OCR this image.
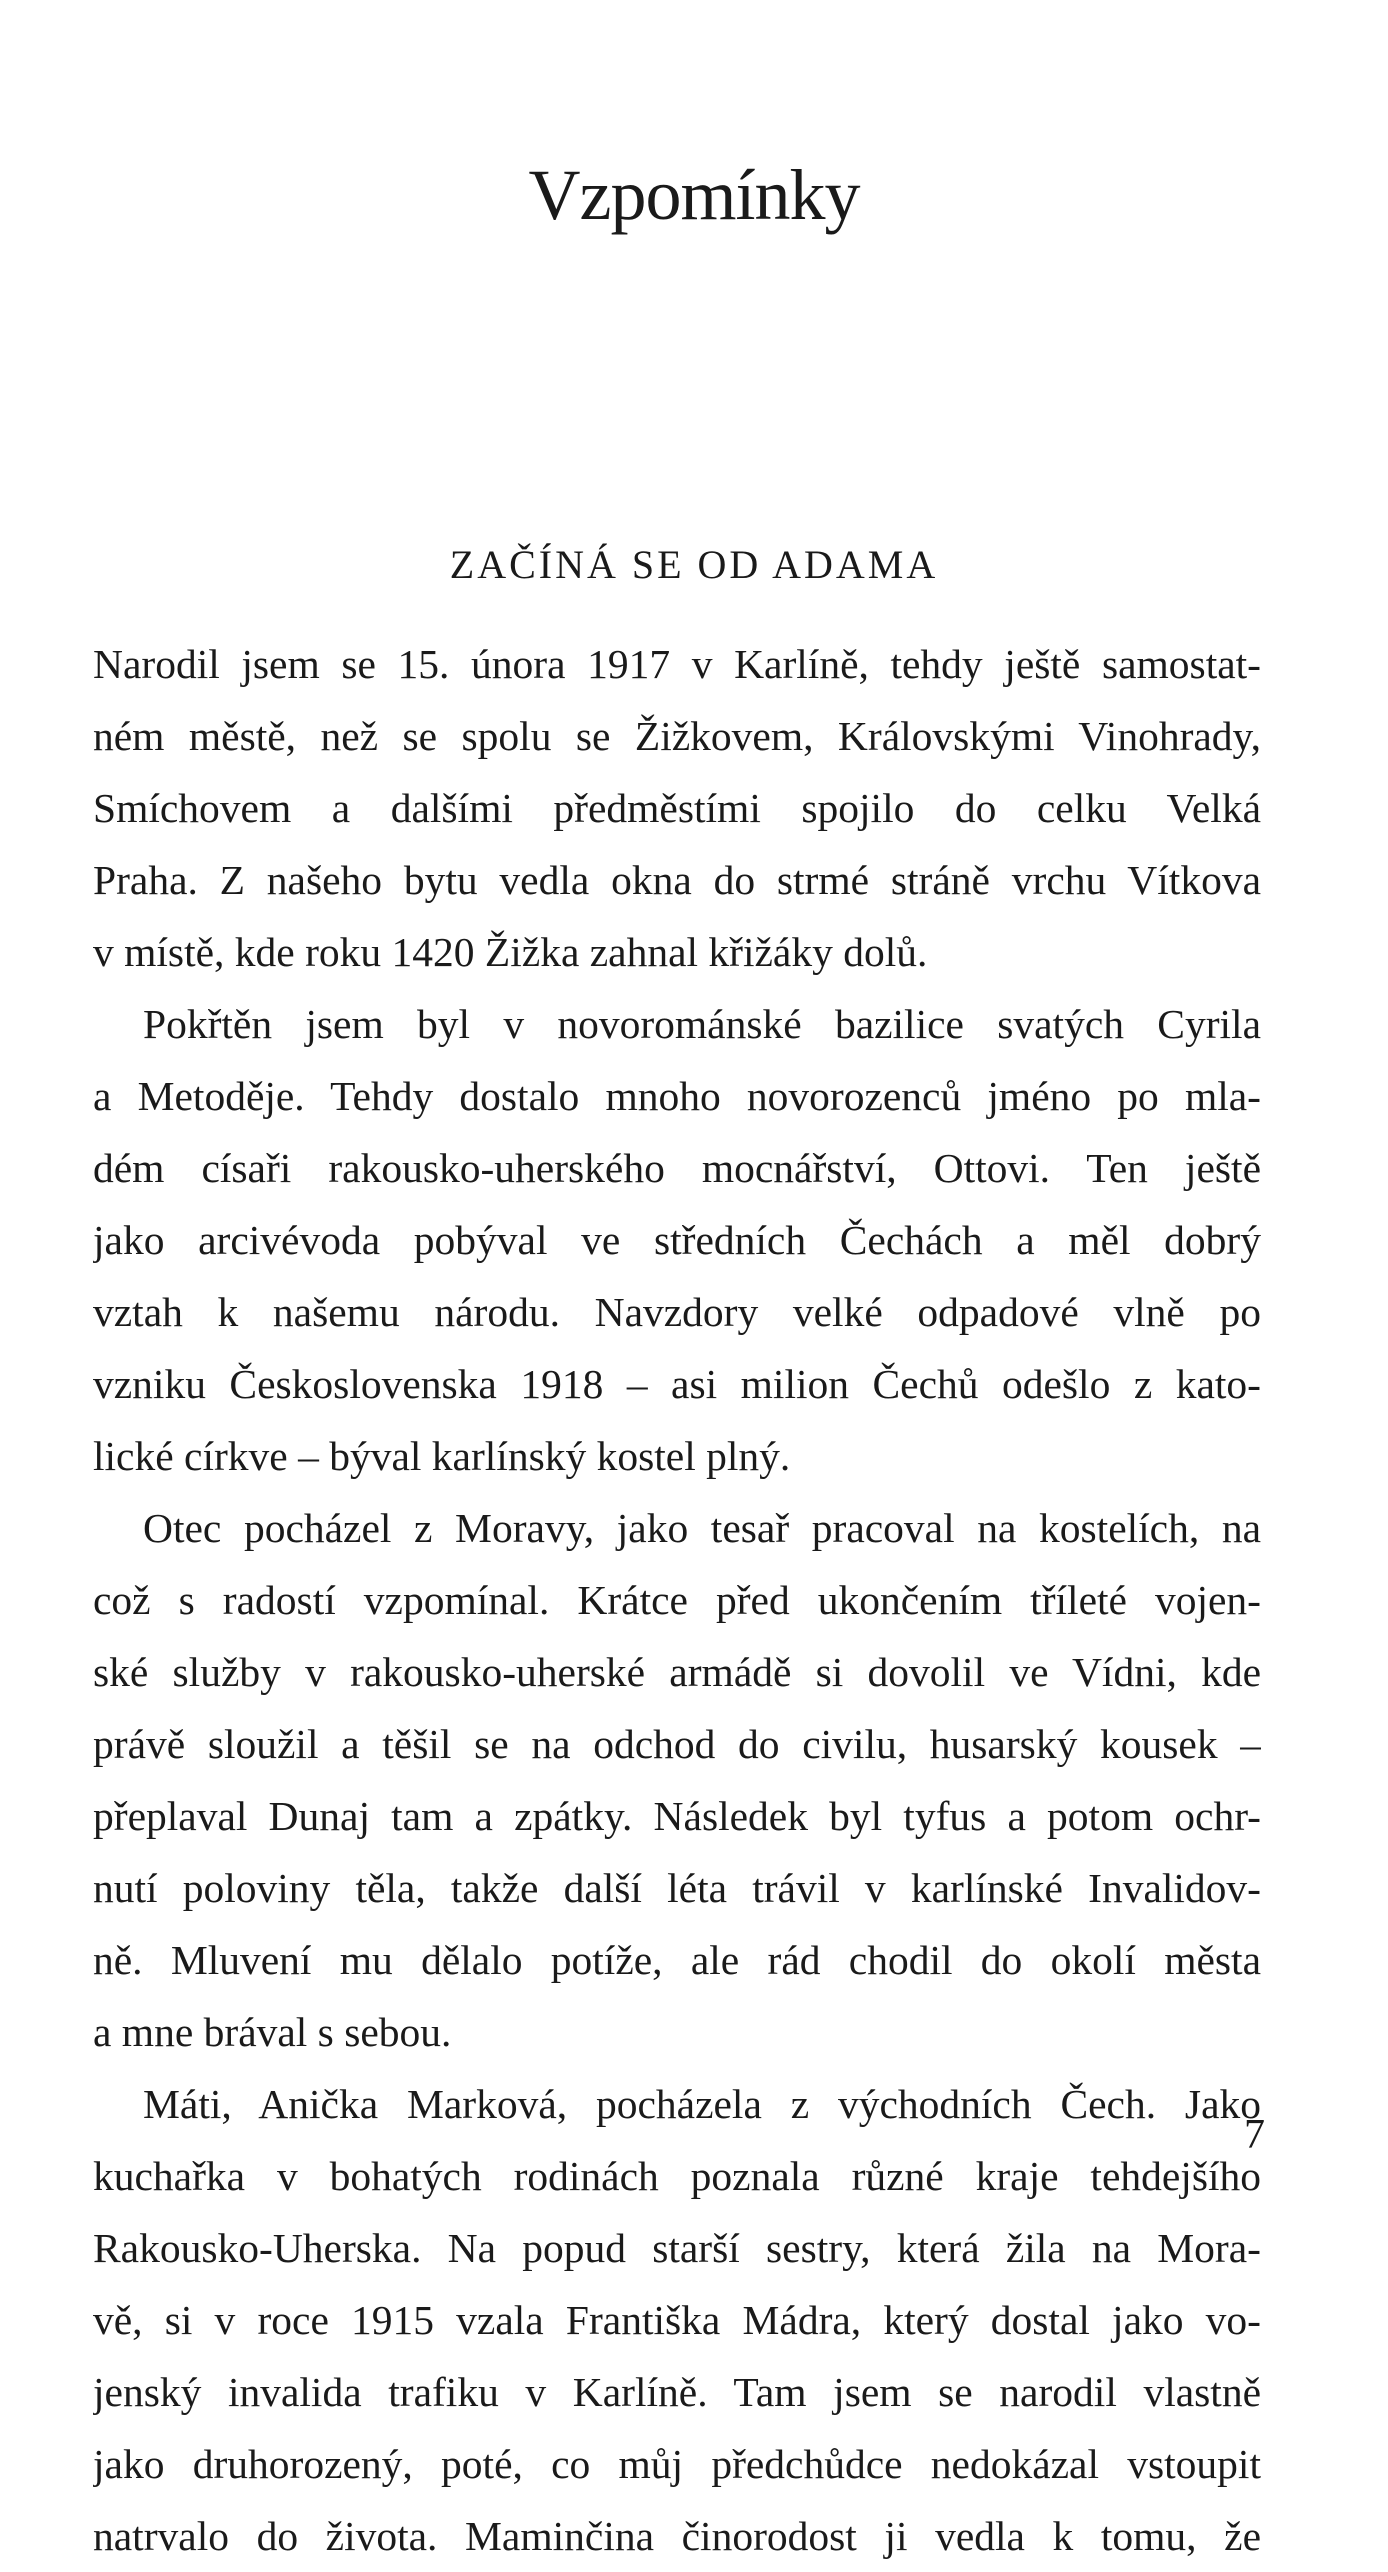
Vzpomínky
ZAČÍNÁ SE OD ADAMA
Narodil jsem se 15. února 1917 v Karlíně, tehdy ještě samostat-
ném městě, než se spolu se Žižkovem, Královskými Vinohrady,
Smíchovem a dalšími předměstími spojilo do celku Velká
Praha. Z našeho bytu vedla okna do strmé stráně vrchu Vítkova
v místě, kde roku 1420 Žižka zahnal křižáky dolů.
Pokřtěn jsem byl v novorománské bazilice svatých Cyrila
a Metoděje. Tehdy dostalo mnoho novorozenců jméno po mla-
dém císaři rakousko-uherského mocnářství, Ottovi. Ten ještě
jako arcivévoda pobýval ve středních Čechách a měl dobrý
vztah k našemu národu. Navzdory velké odpadové vlně po
vzniku Československa 1918 – asi milion Čechů odešlo z kato-
lické církve – býval karlínský kostel plný.
Otec pocházel z Moravy, jako tesař pracoval na kostelích, na
což s radostí vzpomínal. Krátce před ukončením tříleté vojen-
ské služby v rakousko-uherské armádě si dovolil ve Vídni, kde
právě sloužil a těšil se na odchod do civilu, husarský kousek –
přeplaval Dunaj tam a zpátky. Následek byl tyfus a potom ochr-
nutí poloviny těla, takže další léta trávil v karlínské Invalidov-
ně. Mluvení mu dělalo potíže, ale rád chodil do okolí města
a mne brával s sebou.
Máti, Anička Marková, pocházela z východních Čech. Jako
kuchařka v bohatých rodinách poznala různé kraje tehdejšího
Rakousko-Uherska. Na popud starší sestry, která žila na Mora-
vě, si v roce 1915 vzala Františka Mádra, který dostal jako vo-
jenský invalida trafiku v Karlíně. Tam jsem se narodil vlastně
jako druhorozený, poté, co můj předchůdce nedokázal vstoupit
natrvalo do života. Maminčina činorodost ji vedla k tomu, že
7
